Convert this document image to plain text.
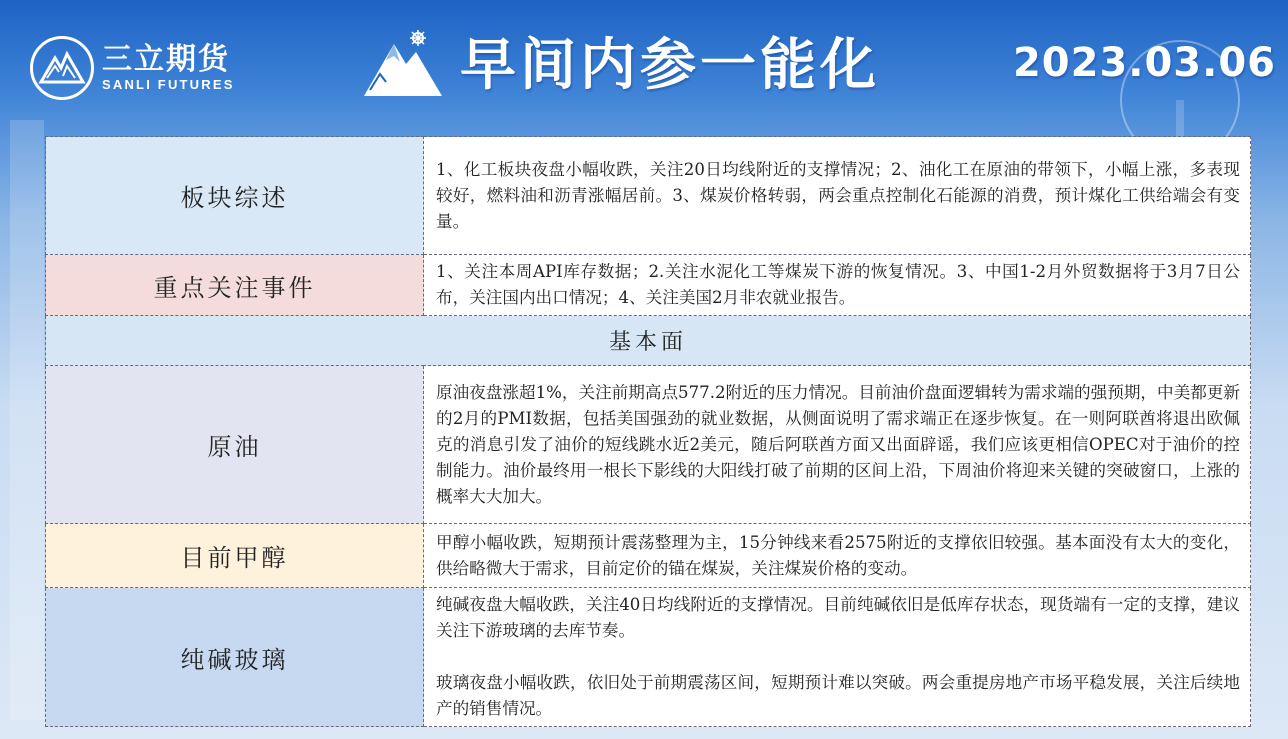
三立期货
SANLI FUTURES	早间内参一能化	2023.03.06
板块综述	1、化工板块夜盘小幅收跌，关注20日均线附近的支撑情况；2、油化工在原油的带领下，小幅上涨，多表现较好，燃料油和沥青涨幅居前。3、煤炭价格转弱，两会重点控制化石能源的消费，预计煤化工供给端会有变量。

重点关注事件	1、关注本周API库存数据；2.关注水泥化工等煤炭下游的恢复情况。3、中国1-2月外贸数据将于3月7日公布，关注国内出口情况；4、关注美国2月非农就业报告。

基本面	
原油	原油夜盘涨超1%，关注前期高点577.2附近的压力情况。目前油价盘面逻辑转为需求端的强预期，中美都更新的2月的PMI数据，包括美国强劲的就业数据，从侧面说明了需求端正在逐步恢复。在一则阿联酋将退出欧佩克的消息引发了油价的短线跳水近2美元，随后阿联酋方面又出面辟谣，我们应该更相信OPEC对于油价的控制能力。油价最终用一根长下影线的大阳线打破了前期的区间上沿，下周油价将迎来关键的突破窗口，上涨的概率大大加大。

目前甲醇	甲醇小幅收跌，短期预计震荡整理为主，15分钟线来看2575附近的支撑依旧较强。基本面没有太大的变化，供给略微大于需求，目前定价的锚在煤炭，关注煤炭价格的变动。

纯碱玻璃	纯碱夜盘大幅收跌，关注40日均线附近的支撑情况。目前纯碱依旧是低库存状态，现货端有一定的支撑，建议关注下游玻璃的去库节奏。
玻璃夜盘小幅收跌，依旧处于前期震荡区间，短期预计难以突破。两会重提房地产市场平稳发展，关注后续地产的销售情况。
